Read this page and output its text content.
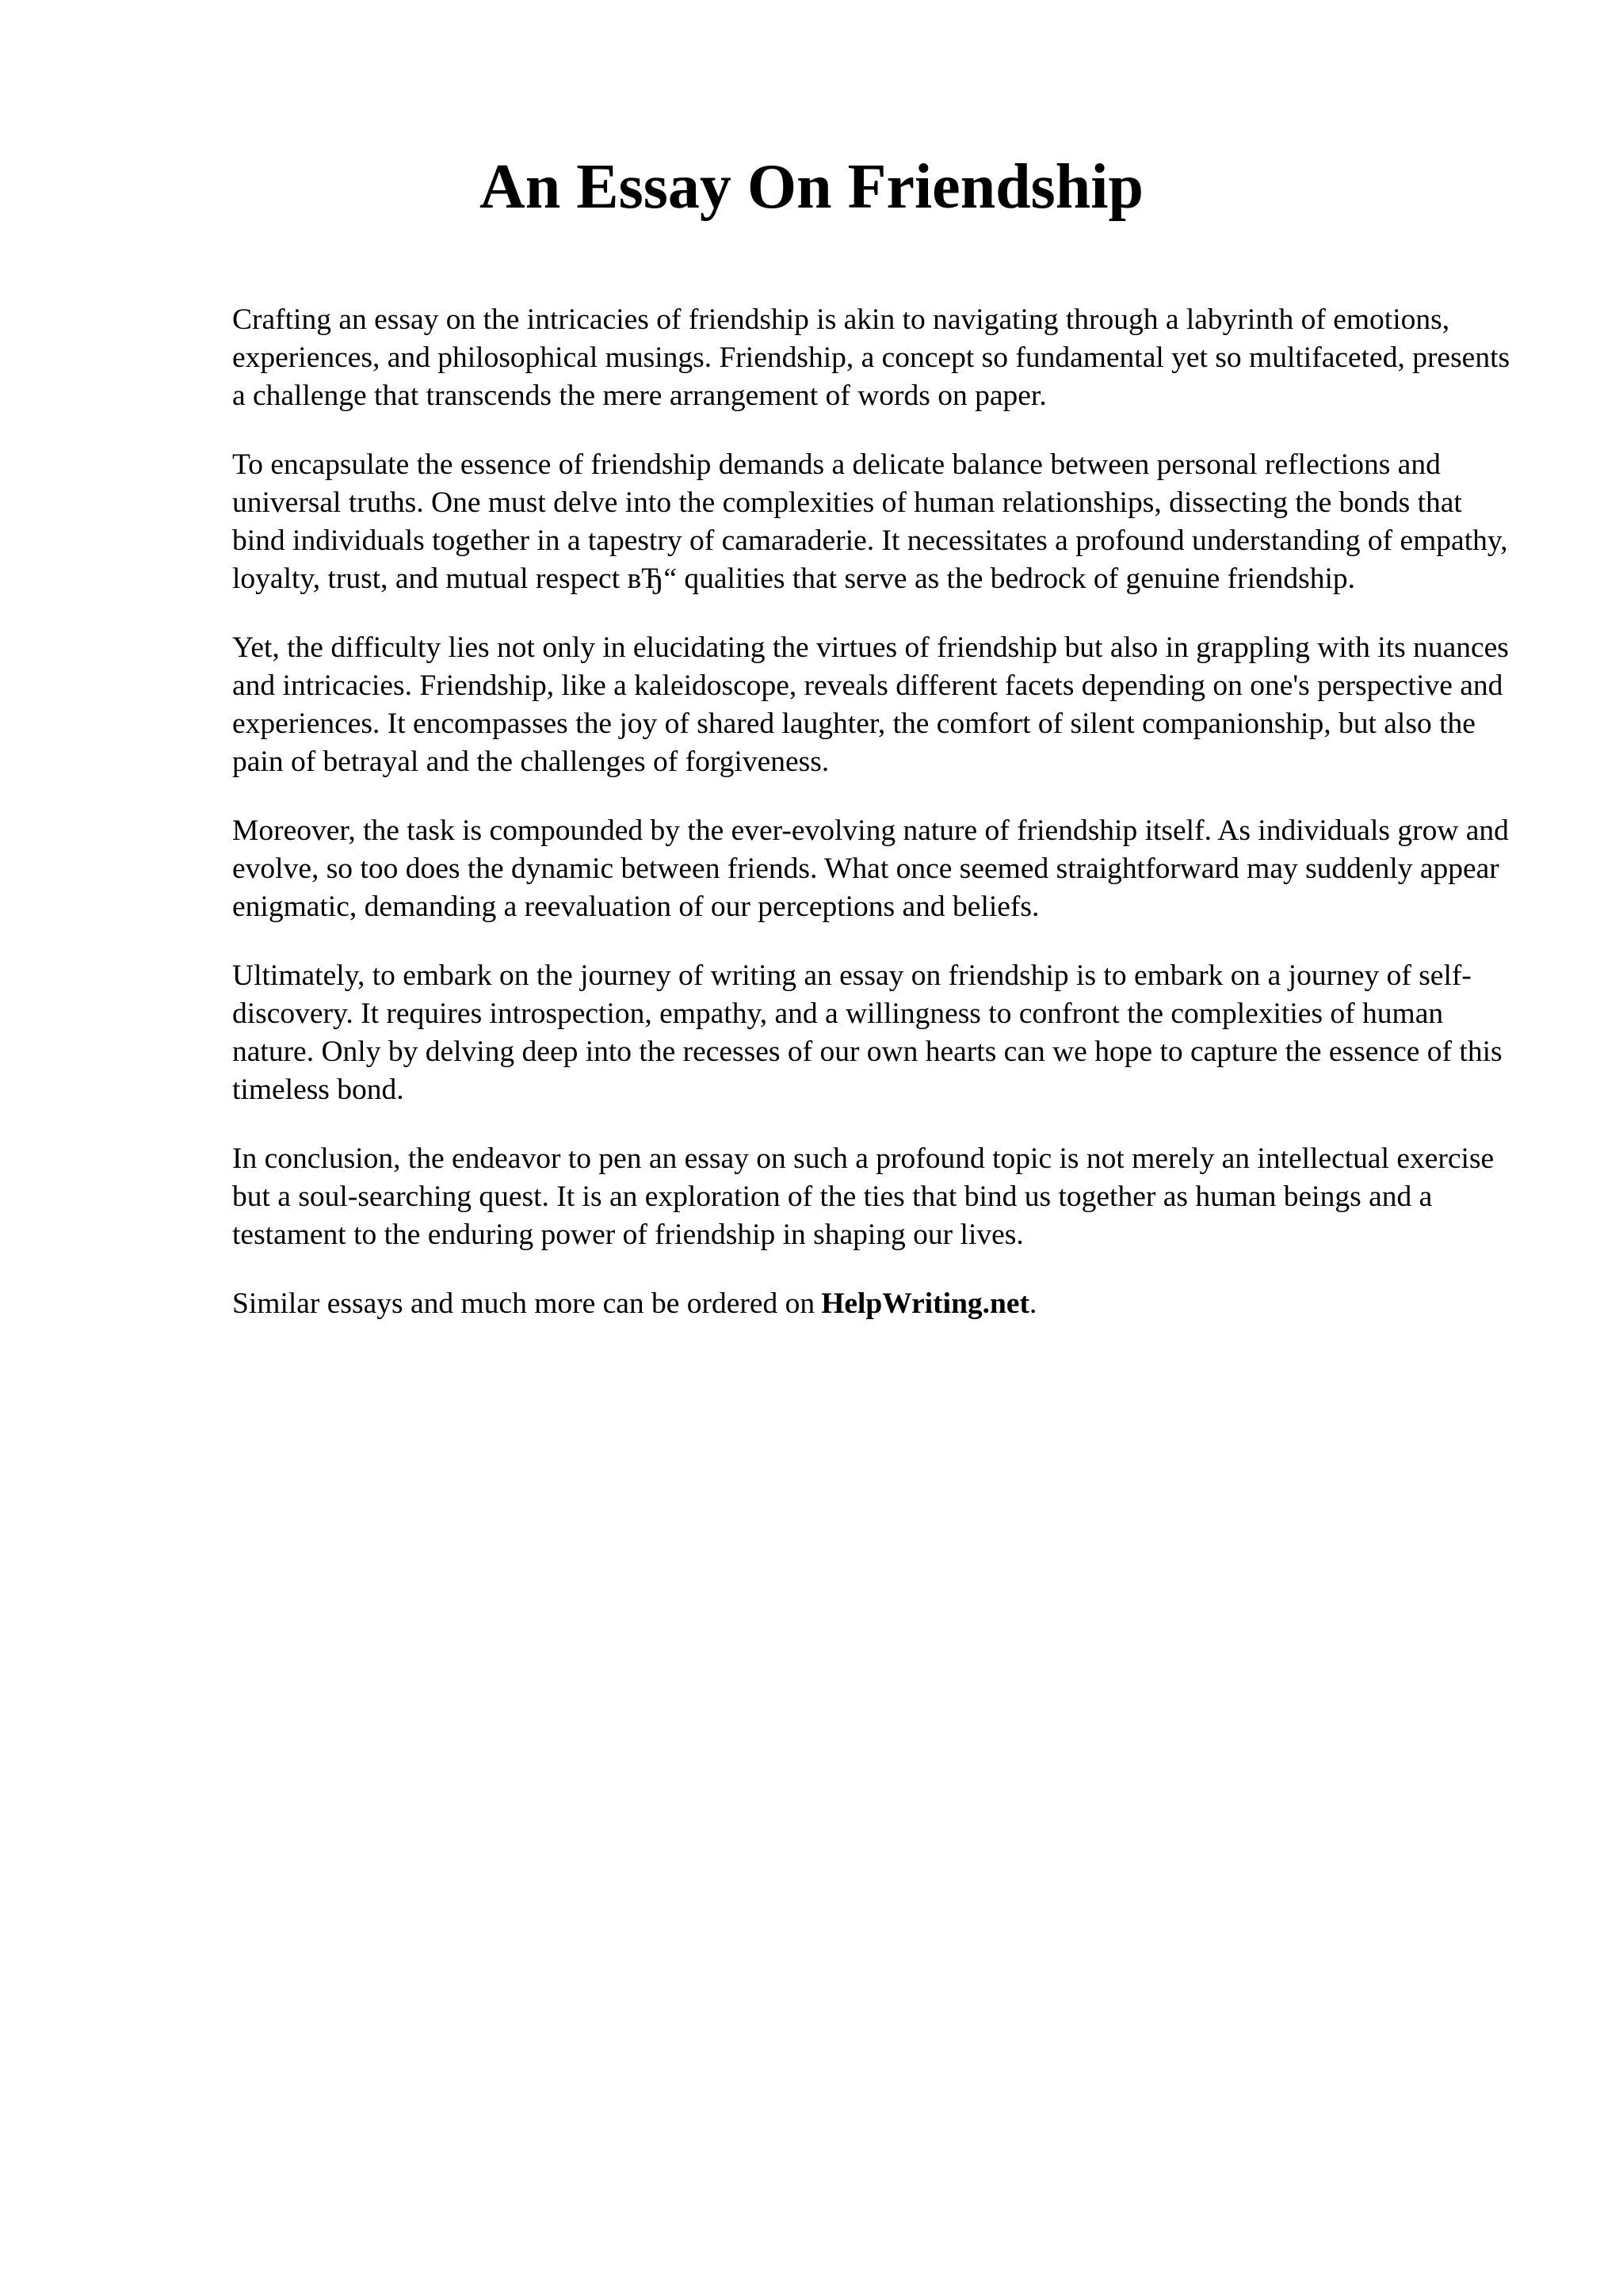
An Essay On Friendship

Crafting an essay on the intricacies of friendship is akin to navigating through a labyrinth of emotions, experiences, and philosophical musings. Friendship, a concept so fundamental yet so multifaceted, presents a challenge that transcends the mere arrangement of words on paper.

To encapsulate the essence of friendship demands a delicate balance between personal reflections and universal truths. One must delve into the complexities of human relationships, dissecting the bonds that bind individuals together in a tapestry of camaraderie. It necessitates a profound understanding of empathy, loyalty, trust, and mutual respect вЂ“ qualities that serve as the bedrock of genuine friendship.

Yet, the difficulty lies not only in elucidating the virtues of friendship but also in grappling with its nuances and intricacies. Friendship, like a kaleidoscope, reveals different facets depending on one's perspective and experiences. It encompasses the joy of shared laughter, the comfort of silent companionship, but also the pain of betrayal and the challenges of forgiveness.

Moreover, the task is compounded by the ever-evolving nature of friendship itself. As individuals grow and evolve, so too does the dynamic between friends. What once seemed straightforward may suddenly appear enigmatic, demanding a reevaluation of our perceptions and beliefs.

Ultimately, to embark on the journey of writing an essay on friendship is to embark on a journey of self-discovery. It requires introspection, empathy, and a willingness to confront the complexities of human nature. Only by delving deep into the recesses of our own hearts can we hope to capture the essence of this timeless bond.

In conclusion, the endeavor to pen an essay on such a profound topic is not merely an intellectual exercise but a soul-searching quest. It is an exploration of the ties that bind us together as human beings and a testament to the enduring power of friendship in shaping our lives.

Similar essays and much more can be ordered on HelpWriting.net.
